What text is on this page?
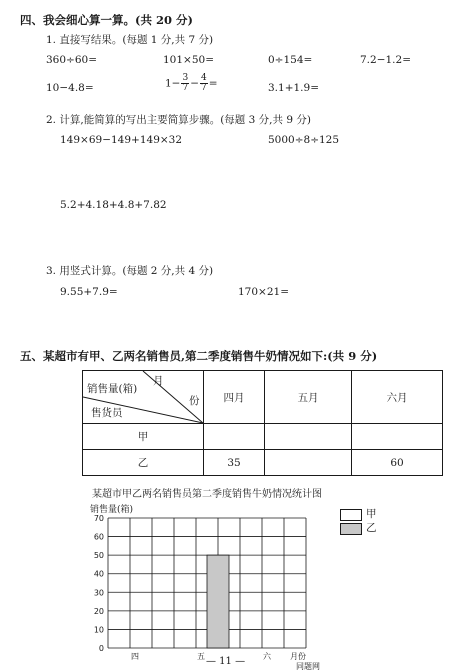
四、我会细心算一算。(共 20 分)
1. 直接写结果。(每题 1 分,共 7 分)
360÷60=	101×50=	0÷154=	7.2−1.2=
10−4.8=	$1- \frac{3}{7} - \frac{4}{7}$ =	3.1+1.9=
2. 计算,能简算的写出主要简算步骤。(每题 3 分,共 9 分)
149×69−149+149×32	5000÷8÷125
5.2+4.18+4.8+7.82
3. 用竖式计算。(每题 2 分,共 4 分)
9.55+7.9=	170×21=
五、某超市有甲、乙两名销售员,第二季度销售牛奶情况如下:(共 9 分)
月
销售量(箱)
份
售货员	四月	五月	六月
甲			
乙	35		60
某超市甲乙两名销售员第二季度销售牛奶情况统计图
销售量(箱)
0
10
20
30
40
50
60
70
四	五	六 月份
甲
乙
— 11 —	同题网
